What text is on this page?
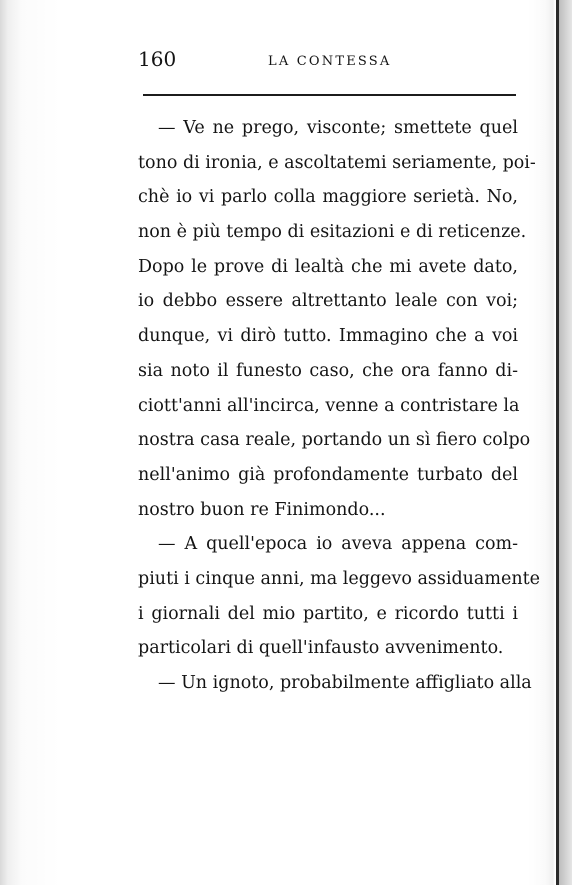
160	LA CONTESSA
— Ve ne prego, visconte; smettete quel
tono di ironia, e ascoltatemi seriamente, poi-
chè io vi parlo colla maggiore serietà. No,
non è più tempo di esitazioni e di reticenze.
Dopo le prove di lealtà che mi avete dato,
io debbo essere altrettanto leale con voi;
dunque, vi dirò tutto. Immagino che a voi
sia noto il funesto caso, che ora fanno di-
ciott'anni all'incirca, venne a contristare la
nostra casa reale, portando un sì fiero colpo
nell'animo già profondamente turbato del
nostro buon re Finimondo...
— A quell'epoca io aveva appena com-
piuti i cinque anni, ma leggevo assiduamente
i giornali del mio partito, e ricordo tutti i
particolari di quell'infausto avvenimento.
— Un ignoto, probabilmente affigliato alla
